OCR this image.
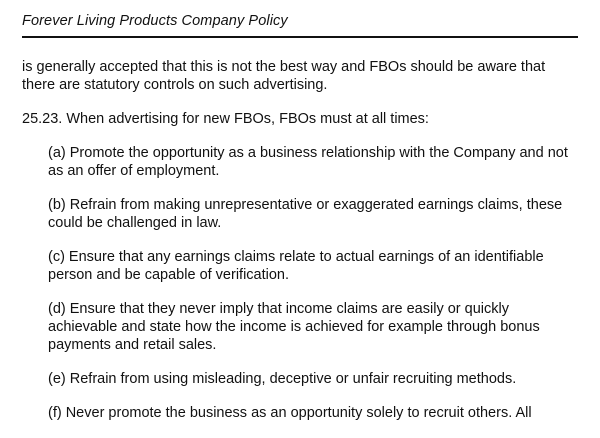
Forever Living Products Company Policy

is generally accepted that this is not the best way and FBOs should be aware that there are statutory controls on such advertising.

25.23. When advertising for new FBOs, FBOs must at all times:

(a) Promote the opportunity as a business relationship with the Company and not as an offer of employment.

(b) Refrain from making unrepresentative or exaggerated earnings claims, these could be challenged in law.

(c) Ensure that any earnings claims relate to actual earnings of an identifiable person and be capable of verification.

(d) Ensure that they never imply that income claims are easily or quickly achievable and state how the income is achieved for example through bonus payments and retail sales.

(e) Refrain from using misleading, deceptive or unfair recruiting methods.

(f) Never promote the business as an opportunity solely to recruit others. All
